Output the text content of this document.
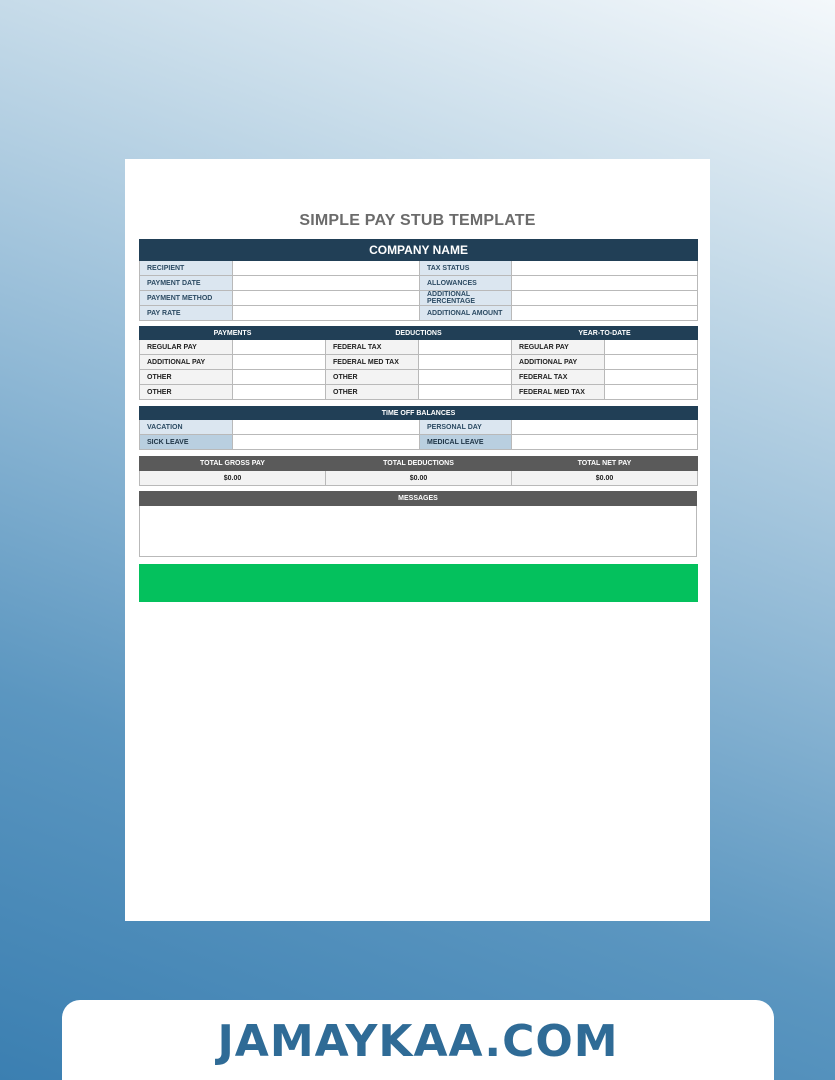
SIMPLE PAY STUB TEMPLATE
COMPANY NAME			
RECIPIENT		TAX STATUS	
PAYMENT DATE		ALLOWANCES	
PAYMENT METHOD		ADDITIONAL PERCENTAGE	
PAY RATE		ADDITIONAL AMOUNT	
PAYMENTS		DEDUCTIONS		YEAR-TO-DATE	
REGULAR PAY		FEDERAL TAX		REGULAR PAY	
ADDITIONAL PAY		FEDERAL MED TAX		ADDITIONAL PAY	
OTHER		OTHER		FEDERAL TAX	
OTHER		OTHER		FEDERAL MED TAX	
TIME OFF BALANCES			
VACATION		PERSONAL DAY	
SICK LEAVE		MEDICAL LEAVE	
TOTAL GROSS PAY	TOTAL DEDUCTIONS	TOTAL NET PAY
$0.00	$0.00	$0.00
MESSAGES

JAMAYKAA.COM
